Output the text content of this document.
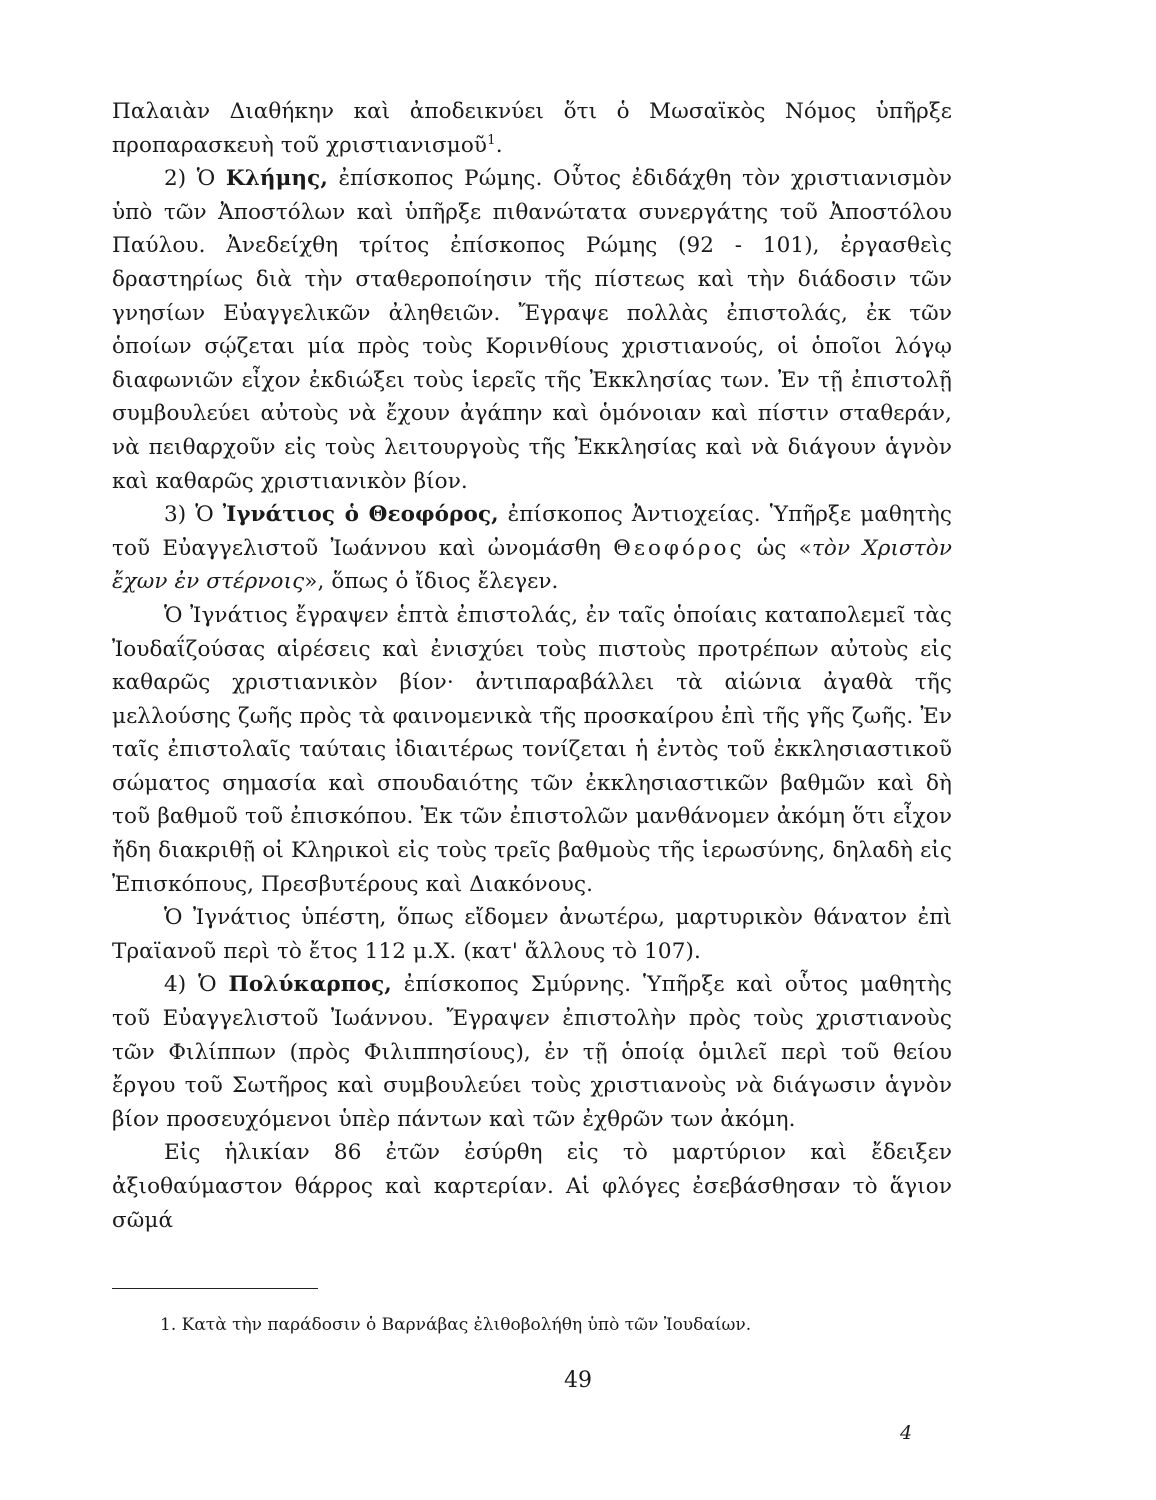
Παλαιὰν Διαθήκην καὶ ἀποδεικνύει ὅτι ὁ Μωσαϊκὸς Νόμος ὑπῆρξε προπαρασκευὴ τοῦ χριστιανισμοῦ$^1$.

2) Ὁ Κλήμης, ἐπίσκοπος Ρώμης. Οὗτος ἐδιδάχθη τὸν χριστιανισμὸν ὑπὸ τῶν Ἀποστόλων καὶ ὑπῆρξε πιθανώτατα συνεργάτης τοῦ Ἀποστόλου Παύλου. Ἀνεδείχθη τρίτος ἐπίσκοπος Ρώμης (92 - 101), ἐργασθεὶς δραστηρίως διὰ τὴν σταθεροποίησιν τῆς πίστεως καὶ τὴν διάδοσιν τῶν γνησίων Εὐαγγελικῶν ἀληθειῶν. Ἔγραψε πολλὰς ἐπιστολάς, ἐκ τῶν ὁποίων σῴζεται μία πρὸς τοὺς Κορινθίους χριστιανούς, οἱ ὁποῖοι λόγῳ διαφωνιῶν εἶχον ἐκδιώξει τοὺς ἱερεῖς τῆς Ἐκκλησίας των. Ἐν τῇ ἐπιστολῇ συμβουλεύει αὐτοὺς νὰ ἔχουν ἀγάπην καὶ ὁμόνοιαν καὶ πίστιν σταθεράν, νὰ πειθαρχοῦν εἰς τοὺς λειτουργοὺς τῆς Ἐκκλησίας καὶ νὰ διάγουν ἁγνὸν καὶ καθαρῶς χριστιανικὸν βίον.

3) Ὁ Ἰγνάτιος ὁ Θεοφόρος, ἐπίσκοπος Ἀντιοχείας. Ὑπῆρξε μαθητὴς τοῦ Εὐαγγελιστοῦ Ἰωάννου καὶ ὠνομάσθη Θεοφόρος ὡς «τὸν Χριστὸν ἔχων ἐν στέρνοις», ὅπως ὁ ἴδιος ἔλεγεν.

Ὁ Ἰγνάτιος ἔγραψεν ἑπτὰ ἐπιστολάς, ἐν ταῖς ὁποίαις καταπολεμεῖ τὰς Ἰουδαΐζούσας αἱρέσεις καὶ ἐνισχύει τοὺς πιστοὺς προτρέπων αὐτοὺς εἰς καθαρῶς χριστιανικὸν βίον· ἀντιπαραβάλλει τὰ αἰώνια ἀγαθὰ τῆς μελλούσης ζωῆς πρὸς τὰ φαινομενικὰ τῆς προσκαίρου ἐπὶ τῆς γῆς ζωῆς. Ἐν ταῖς ἐπιστολαῖς ταύταις ἰδιαιτέρως τονίζεται ἡ ἐντὸς τοῦ ἐκκλησιαστικοῦ σώματος σημασία καὶ σπουδαιότης τῶν ἐκκλησιαστικῶν βαθμῶν καὶ δὴ τοῦ βαθμοῦ τοῦ ἐπισκόπου. Ἐκ τῶν ἐπιστολῶν μανθάνομεν ἀκόμη ὅτι εἶχον ἤδη διακριθῇ οἱ Κληρικοὶ εἰς τοὺς τρεῖς βαθμοὺς τῆς ἱερωσύνης, δηλαδὴ εἰς Ἐπισκόπους, Πρεσβυτέρους καὶ Διακόνους.

Ὁ Ἰγνάτιος ὑπέστη, ὅπως εἴδομεν ἀνωτέρω, μαρτυρικὸν θάνατον ἐπὶ Τραϊανοῦ περὶ τὸ ἔτος 112 μ.Χ. (κατ' ἄλλους τὸ 107).

4) Ὁ Πολύκαρπος, ἐπίσκοπος Σμύρνης. Ὑπῆρξε καὶ οὗτος μαθητὴς τοῦ Εὐαγγελιστοῦ Ἰωάννου. Ἔγραψεν ἐπιστολὴν πρὸς τοὺς χριστιανοὺς τῶν Φιλίππων (πρὸς Φιλιππησίους), ἐν τῇ ὁποίᾳ ὁμιλεῖ περὶ τοῦ θείου ἔργου τοῦ Σωτῆρος καὶ συμβουλεύει τοὺς χριστιανοὺς νὰ διάγωσιν ἁγνὸν βίον προσευχόμενοι ὑπὲρ πάντων καὶ τῶν ἐχθρῶν των ἀκόμη.

Εἰς ἡλικίαν 86 ἐτῶν ἐσύρθη εἰς τὸ μαρτύριον καὶ ἔδειξεν ἀξιοθαύμαστον θάρρος καὶ καρτερίαν. Αἱ φλόγες ἐσεβάσθησαν τὸ ἅγιον σῶμά

1. Κατὰ τὴν παράδοσιν ὁ Βαρνάβας ἐλιθοβολήθη ὑπὸ τῶν Ἰουδαίων.

49

4
